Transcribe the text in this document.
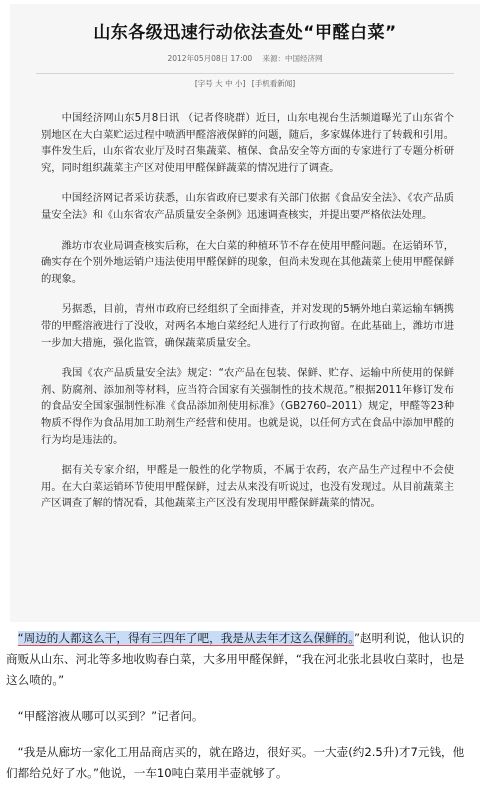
山东各级迅速行动依法查处“甲醛白菜”
2012年05月08日 17:00 来源：中国经济网
[字号 大 中 小] [手机看新闻]

中国经济网山东5月8日讯 （记者佟晓群）近日，山东电视台生活频道曝光了山东省个别地区在大白菜贮运过程中喷洒甲醛溶液保鲜的问题，随后，多家媒体进行了转载和引用。事件发生后，山东省农业厅及时召集蔬菜、植保、食品安全等方面的专家进行了专题分析研究，同时组织蔬菜主产区对使用甲醛保鲜蔬菜的情况进行了调查。

中国经济网记者采访获悉，山东省政府已要求有关部门依据《食品安全法》、《农产品质量安全法》和《山东省农产品质量安全条例》迅速调查核实，并提出要严格依法处理。

潍坊市农业局调查核实后称，在大白菜的种植环节不存在使用甲醛问题。在运销环节，确实存在个别外地运销户违法使用甲醛保鲜的现象，但尚未发现在其他蔬菜上使用甲醛保鲜的现象。

另据悉，目前，青州市政府已经组织了全面排查，并对发现的5辆外地白菜运输车辆携带的甲醛溶液进行了没收，对两名本地白菜经纪人进行了行政拘留。在此基础上，潍坊市进一步加大措施，强化监管，确保蔬菜质量安全。

我国《农产品质量安全法》规定：“农产品在包装、保鲜、贮存、运输中所使用的保鲜剂、防腐剂、添加剂等材料，应当符合国家有关强制性的技术规范。”根据2011年修订发布的食品安全国家强制性标准《食品添加剂使用标准》（GB2760–2011）规定，甲醛等23种物质不得作为食品用加工助剂生产经营和使用。也就是说，以任何方式在食品中添加甲醛的行为均是违法的。

据有关专家介绍，甲醛是一般性的化学物质，不属于农药，农产品生产过程中不会使用。在大白菜运销环节使用甲醛保鲜，过去从来没有听说过，也没有发现过。从目前蔬菜主产区调查了解的情况看，其他蔬菜主产区没有发现用甲醛保鲜蔬菜的情况。

“周边的人都这么干，得有三四年了吧，我是从去年才这么保鲜的。”赵明利说，他认识的商贩从山东、河北等多地收购春白菜，大多用甲醛保鲜，“我在河北张北县收白菜时，也是这么喷的。”

“甲醛溶液从哪可以买到？”记者问。

“我是从廊坊一家化工用品商店买的，就在路边，很好买。一大壶(约2.5升)才7元钱，他们都给兑好了水。”他说，一车10吨白菜用半壶就够了。
